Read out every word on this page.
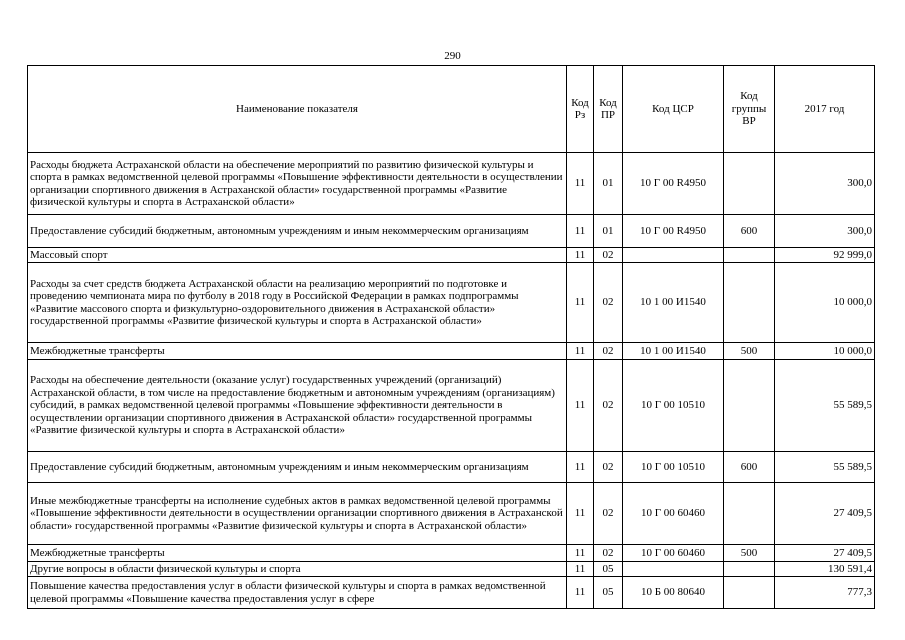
290
Наименование показателя	Код Рз	Код ПР	Код ЦСР	Код группы ВР	2017 год
Расходы бюджета Астраханской области на обеспечение мероприятий по развитию физической культуры и спорта в рамках ведомственной целевой программы «Повышение эффективности деятельности в осуществлении организации спортивного движения в Астраханской области» государственной программы «Развитие физической культуры и спорта в Астраханской области»	11	01	10 Г 00 R4950		300,0
Предоставление субсидий бюджетным, автономным учреждениям и иным некоммерческим организациям	11	01	10 Г 00 R4950	600	300,0
Массовый спорт	11	02			92 999,0
Расходы за счет средств бюджета Астраханской области на реализацию мероприятий по подготовке и проведению чемпионата мира по футболу в 2018 году в Российской Федерации в рамках подпрограммы «Развитие массового спорта и физкультурно-оздоровительного движения в Астраханской области» государственной программы «Развитие физической культуры и спорта в Астраханской области»	11	02	10 1 00 И1540		10 000,0
Межбюджетные трансферты	11	02	10 1 00 И1540	500	10 000,0
Расходы на обеспечение деятельности (оказание услуг) государственных учреждений (организаций) Астраханской области, в том числе на предоставление бюджетным и автономным учреждениям (организациям) субсидий, в рамках ведомственной целевой программы «Повышение эффективности деятельности в осуществлении организации спортивного движения в Астраханской области» государственной программы «Развитие физической культуры и спорта в Астраханской области»	11	02	10 Г 00 10510		55 589,5
Предоставление субсидий бюджетным, автономным учреждениям и иным некоммерческим организациям	11	02	10 Г 00 10510	600	55 589,5
Иные межбюджетные трансферты на исполнение судебных актов в рамках ведомственной целевой программы «Повышение эффективности деятельности в осуществлении организации спортивного движения в Астраханской области» государственной программы «Развитие физической культуры и спорта в Астраханской области»	11	02	10 Г 00 60460		27 409,5
Межбюджетные трансферты	11	02	10 Г 00 60460	500	27 409,5
Другие вопросы в области физической культуры и спорта	11	05			130 591,4
Повышение качества предоставления услуг в области физической культуры и спорта в рамках ведомственной целевой программы «Повышение качества предоставления услуг в сфере	11	05	10 Б 00 80640		777,3
